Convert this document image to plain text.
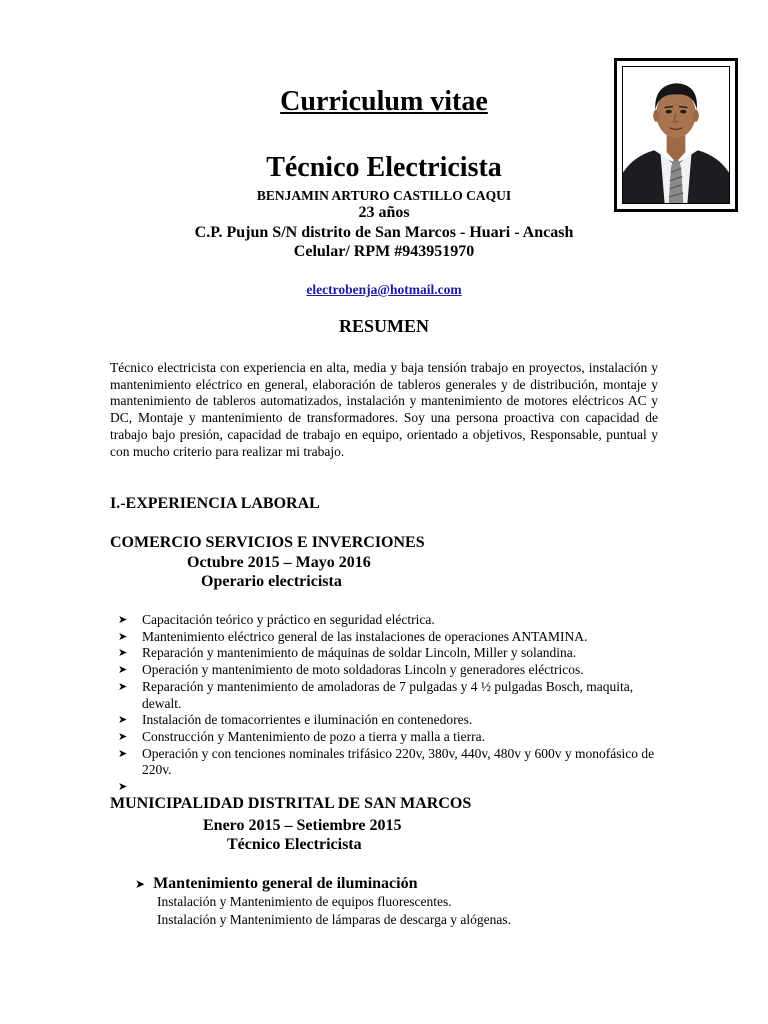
Curriculum vitae
Técnico Electricista
BENJAMIN ARTURO CASTILLO CAQUI
23 años
C.P. Pujun S/N distrito de San Marcos - Huari - Ancash
Celular/ RPM #943951970
electrobenja@hotmail.com
RESUMEN
Técnico electricista con experiencia en alta, media y baja tensión trabajo en proyectos, instalación y mantenimiento eléctrico en general, elaboración de tableros generales y de distribución, montaje y mantenimiento de tableros automatizados, instalación y mantenimiento de motores eléctricos AC y DC, Montaje y mantenimiento de transformadores. Soy una persona proactiva con capacidad de trabajo bajo presión, capacidad de trabajo en equipo, orientado a objetivos, Responsable, puntual y con mucho criterio para realizar mi trabajo.
I.-EXPERIENCIA LABORAL
COMERCIO SERVICIOS E INVERCIONES
Octubre 2015 – Mayo 2016
Operario electricista
➤ Capacitación teórico y práctico en seguridad eléctrica.
➤ Mantenimiento eléctrico general de las instalaciones de operaciones ANTAMINA.
➤ Reparación y mantenimiento de máquinas de soldar Lincoln, Miller y solandina.
➤ Operación y mantenimiento de moto soldadoras Lincoln y generadores eléctricos.
➤ Reparación y mantenimiento de amoladoras de 7 pulgadas y 4 ½ pulgadas Bosch, maquita, dewalt.
➤ Instalación de tomacorrientes e iluminación en contenedores.
➤ Construcción y Mantenimiento de pozo a tierra y malla a tierra.
➤ Operación y con tenciones nominales trifásico 220v, 380v, 440v, 480v y 600v y monofásico de 220v.
➤
MUNICIPALIDAD DISTRITAL DE SAN MARCOS
Enero 2015 – Setiembre 2015
Técnico Electricista
➤ Mantenimiento general de iluminación
Instalación y Mantenimiento de equipos fluorescentes.
Instalación y Mantenimiento de lámparas de descarga y alógenas.
